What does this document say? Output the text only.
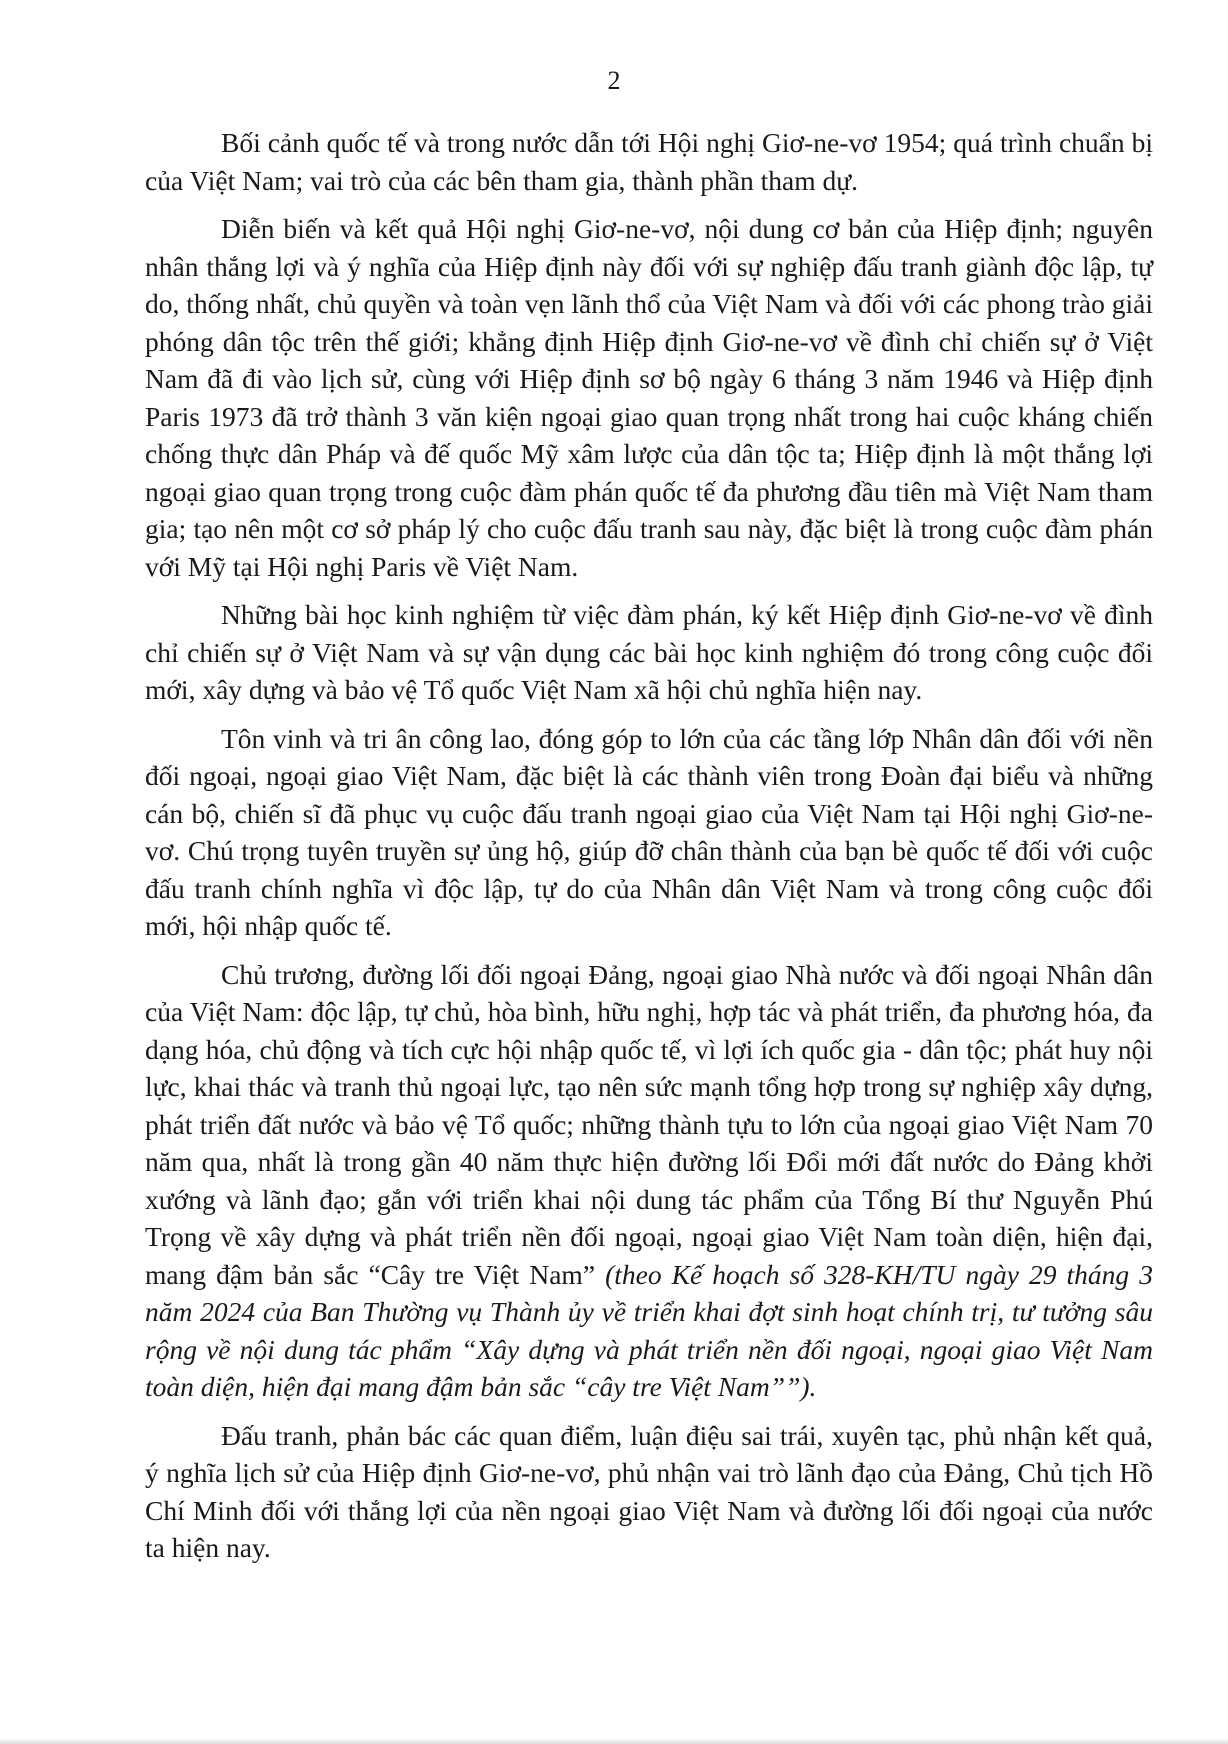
2

Bối cảnh quốc tế và trong nước dẫn tới Hội nghị Giơ-ne-vơ 1954; quá trình chuẩn bị của Việt Nam; vai trò của các bên tham gia, thành phần tham dự.

Diễn biến và kết quả Hội nghị Giơ-ne-vơ, nội dung cơ bản của Hiệp định; nguyên nhân thắng lợi và ý nghĩa của Hiệp định này đối với sự nghiệp đấu tranh giành độc lập, tự do, thống nhất, chủ quyền và toàn vẹn lãnh thổ của Việt Nam và đối với các phong trào giải phóng dân tộc trên thế giới; khẳng định Hiệp định Giơ-ne-vơ về đình chỉ chiến sự ở Việt Nam đã đi vào lịch sử, cùng với Hiệp định sơ bộ ngày 6 tháng 3 năm 1946 và Hiệp định Paris 1973 đã trở thành 3 văn kiện ngoại giao quan trọng nhất trong hai cuộc kháng chiến chống thực dân Pháp và đế quốc Mỹ xâm lược của dân tộc ta; Hiệp định là một thắng lợi ngoại giao quan trọng trong cuộc đàm phán quốc tế đa phương đầu tiên mà Việt Nam tham gia; tạo nên một cơ sở pháp lý cho cuộc đấu tranh sau này, đặc biệt là trong cuộc đàm phán với Mỹ tại Hội nghị Paris về Việt Nam.

Những bài học kinh nghiệm từ việc đàm phán, ký kết Hiệp định Giơ-ne-vơ về đình chỉ chiến sự ở Việt Nam và sự vận dụng các bài học kinh nghiệm đó trong công cuộc đổi mới, xây dựng và bảo vệ Tổ quốc Việt Nam xã hội chủ nghĩa hiện nay.

Tôn vinh và tri ân công lao, đóng góp to lớn của các tầng lớp Nhân dân đối với nền đối ngoại, ngoại giao Việt Nam, đặc biệt là các thành viên trong Đoàn đại biểu và những cán bộ, chiến sĩ đã phục vụ cuộc đấu tranh ngoại giao của Việt Nam tại Hội nghị Giơ-ne-vơ. Chú trọng tuyên truyền sự ủng hộ, giúp đỡ chân thành của bạn bè quốc tế đối với cuộc đấu tranh chính nghĩa vì độc lập, tự do của Nhân dân Việt Nam và trong công cuộc đổi mới, hội nhập quốc tế.

Chủ trương, đường lối đối ngoại Đảng, ngoại giao Nhà nước và đối ngoại Nhân dân của Việt Nam: độc lập, tự chủ, hòa bình, hữu nghị, hợp tác và phát triển, đa phương hóa, đa dạng hóa, chủ động và tích cực hội nhập quốc tế, vì lợi ích quốc gia - dân tộc; phát huy nội lực, khai thác và tranh thủ ngoại lực, tạo nên sức mạnh tổng hợp trong sự nghiệp xây dựng, phát triển đất nước và bảo vệ Tổ quốc; những thành tựu to lớn của ngoại giao Việt Nam 70 năm qua, nhất là trong gần 40 năm thực hiện đường lối Đổi mới đất nước do Đảng khởi xướng và lãnh đạo; gắn với triển khai nội dung tác phẩm của Tổng Bí thư Nguyễn Phú Trọng về xây dựng và phát triển nền đối ngoại, ngoại giao Việt Nam toàn diện, hiện đại, mang đậm bản sắc “Cây tre Việt Nam” (theo Kế hoạch số 328-KH/TU ngày 29 tháng 3 năm 2024 của Ban Thường vụ Thành ủy về triển khai đợt sinh hoạt chính trị, tư tưởng sâu rộng về nội dung tác phẩm “Xây dựng và phát triển nền đối ngoại, ngoại giao Việt Nam toàn diện, hiện đại mang đậm bản sắc “cây tre Việt Nam””).

Đấu tranh, phản bác các quan điểm, luận điệu sai trái, xuyên tạc, phủ nhận kết quả, ý nghĩa lịch sử của Hiệp định Giơ-ne-vơ, phủ nhận vai trò lãnh đạo của Đảng, Chủ tịch Hồ Chí Minh đối với thắng lợi của nền ngoại giao Việt Nam và đường lối đối ngoại của nước ta hiện nay.
